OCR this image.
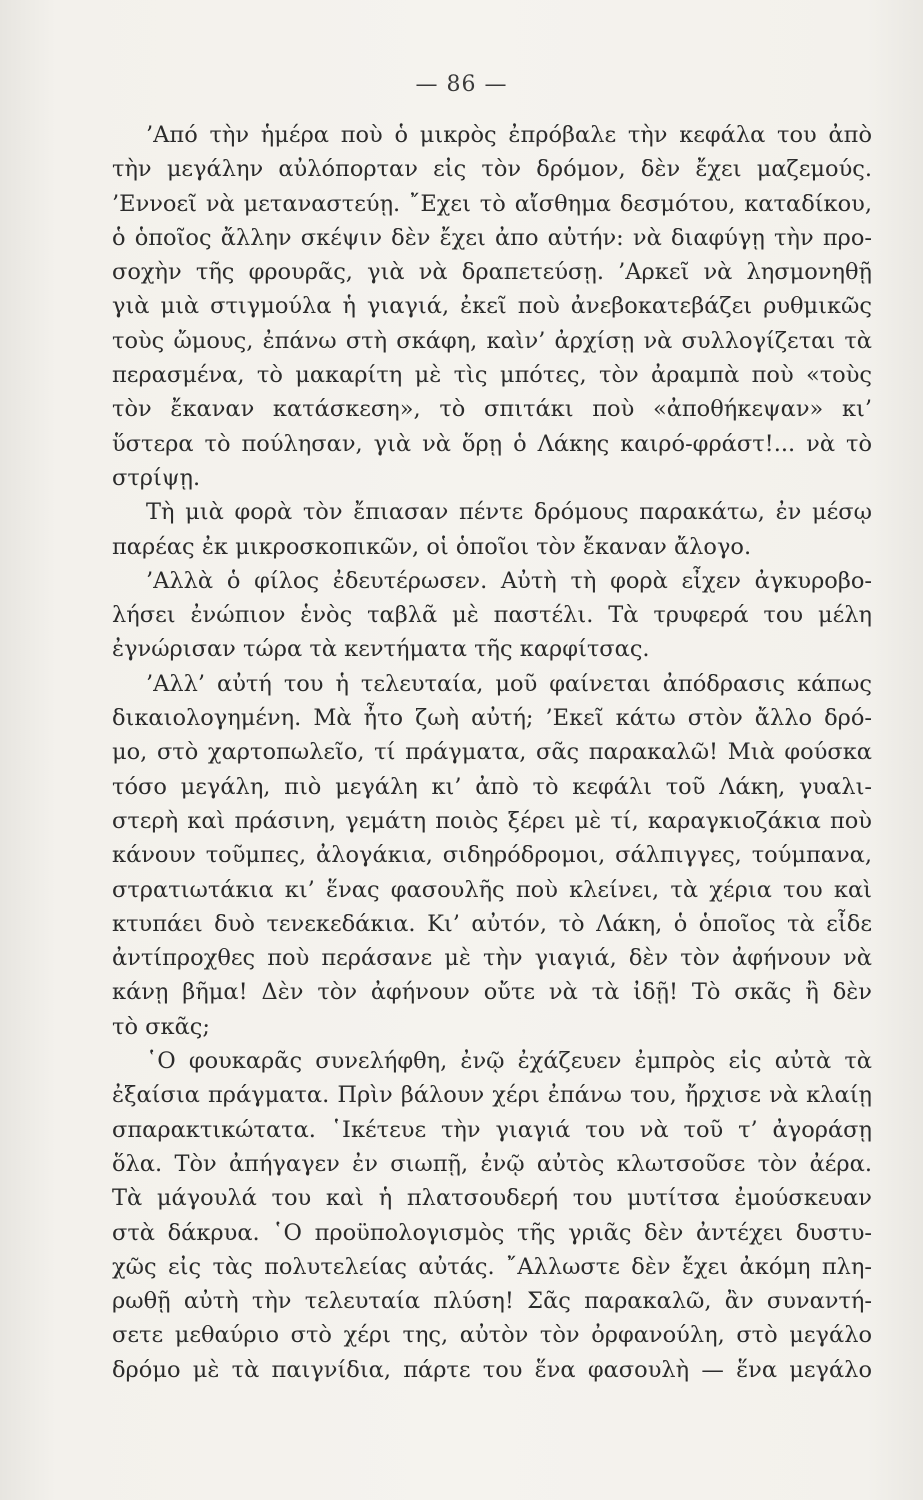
— 86 —
’Από τὴν ἡμέρα ποὺ ὁ μικρὸς ἐπρόβαλε τὴν κεφάλα του ἀπὸ
τὴν μεγάλην αὐλόπορταν εἰς τὸν δρόμον, δὲν ἔχει μαζεμούς.
’Εννοεῖ νὰ μεταναστεύῃ. ῎Εχει τὸ αἴσθημα δεσμότου, καταδίκου,
ὁ ὁποῖος ἄλλην σκέψιν δὲν ἔχει ἀπο αὐτήν: νὰ διαφύγῃ τὴν προ-
σοχὴν τῆς φρουρᾶς, γιὰ νὰ δραπετεύσῃ. ’Αρκεῖ νὰ λησμονηθῇ
γιὰ μιὰ στιγμούλα ἡ γιαγιά, ἐκεῖ ποὺ ἀνεβοκατεβάζει ρυθμικῶς
τοὺς ὤμους, ἐπάνω στὴ σκάφη, καὶν’ ἀρχίσῃ νὰ συλλογίζεται τὰ
περασμένα, τὸ μακαρίτη μὲ τὶς μπότες, τὸν ἀραμπὰ ποὺ «τοὺς
τὸν ἔκαναν κατάσκεση», τὸ σπιτάκι ποὺ «ἀποθήκεψαν» κι’
ὕστερα τὸ πούλησαν, γιὰ νὰ ὅρῃ ὁ Λάκης καιρό-φράστ!... νὰ τὸ
στρίψῃ.
Τὴ μιὰ φορὰ τὸν ἔπιασαν πέντε δρόμους παρακάτω, ἐν μέσῳ
παρέας ἐκ μικροσκοπικῶν, οἱ ὁποῖοι τὸν ἔκαναν ἄλογο.
’Αλλὰ ὁ φίλος ἐδευτέρωσεν. Αὐτὴ τὴ φορὰ εἶχεν ἀγκυροβο-
λήσει ἐνώπιον ἑνὸς ταβλᾶ μὲ παστέλι. Τὰ τρυφερά του μέλη
ἐγνώρισαν τώρα τὰ κεντήματα τῆς καρφίτσας.
’Αλλ’ αὐτή του ἡ τελευταία, μοῦ φαίνεται ἀπόδρασις κάπως
δικαιολογημένη. Μὰ ἦτο ζωὴ αὐτή; ’Εκεῖ κάτω στὸν ἄλλο δρό-
μο, στὸ χαρτοπωλεῖο, τί πράγματα, σᾶς παρακαλῶ! Μιὰ φούσκα
τόσο μεγάλη, πιὸ μεγάλη κι’ ἀπὸ τὸ κεφάλι τοῦ Λάκη, γυαλι-
στερὴ καὶ πράσινη, γεμάτη ποιὸς ξέρει μὲ τί, καραγκιοζάκια ποὺ
κάνουν τοῦμπες, ἀλογάκια, σιδηρόδρομοι, σάλπιγγες, τούμπανα,
στρατιωτάκια κι’ ἕνας φασουλῆς ποὺ κλείνει, τὰ χέρια του καὶ
κτυπάει δυὸ τενεκεδάκια. Κι’ αὐτόν, τὸ Λάκη, ὁ ὁποῖος τὰ εἶδε
ἀντίπροχθες ποὺ περάσανε μὲ τὴν γιαγιά, δὲν τὸν ἀφήνουν νὰ
κάνῃ βῆμα! Δὲν τὸν ἀφήνουν οὔτε νὰ τὰ ἰδῇ! Τὸ σκᾶς ἢ δὲν
τὸ σκᾶς;
῾Ο φουκαρᾶς συνελήφθη, ἐνῷ ἐχάζευεν ἐμπρὸς εἰς αὐτὰ τὰ
ἐξαίσια πράγματα. Πρὶν βάλουν χέρι ἐπάνω του, ἤρχισε νὰ κλαίῃ
σπαρακτικώτατα. ῾Ικέτευε τὴν γιαγιά του νὰ τοῦ τ’ ἀγοράσῃ
ὅλα. Τὸν ἀπήγαγεν ἐν σιωπῇ, ἐνῷ αὐτὸς κλωτσοῦσε τὸν ἀέρα.
Τὰ μάγουλά του καὶ ἡ πλατσουδερή του μυτίτσα ἐμούσκευαν
στὰ δάκρυα. ῾Ο προϋπολογισμὸς τῆς γριᾶς δὲν ἀντέχει δυστυ-
χῶς εἰς τὰς πολυτελείας αὐτάς. ῎Αλλωστε δὲν ἔχει ἀκόμη πλη-
ρωθῇ αὐτὴ τὴν τελευταία πλύση! Σᾶς παρακαλῶ, ἂν συναντή-
σετε μεθαύριο στὸ χέρι της, αὐτὸν τὸν ὀρφανούλη, στὸ μεγάλο
δρόμο μὲ τὰ παιγνίδια, πάρτε του ἕνα φασουλὴ — ἕνα μεγάλο
